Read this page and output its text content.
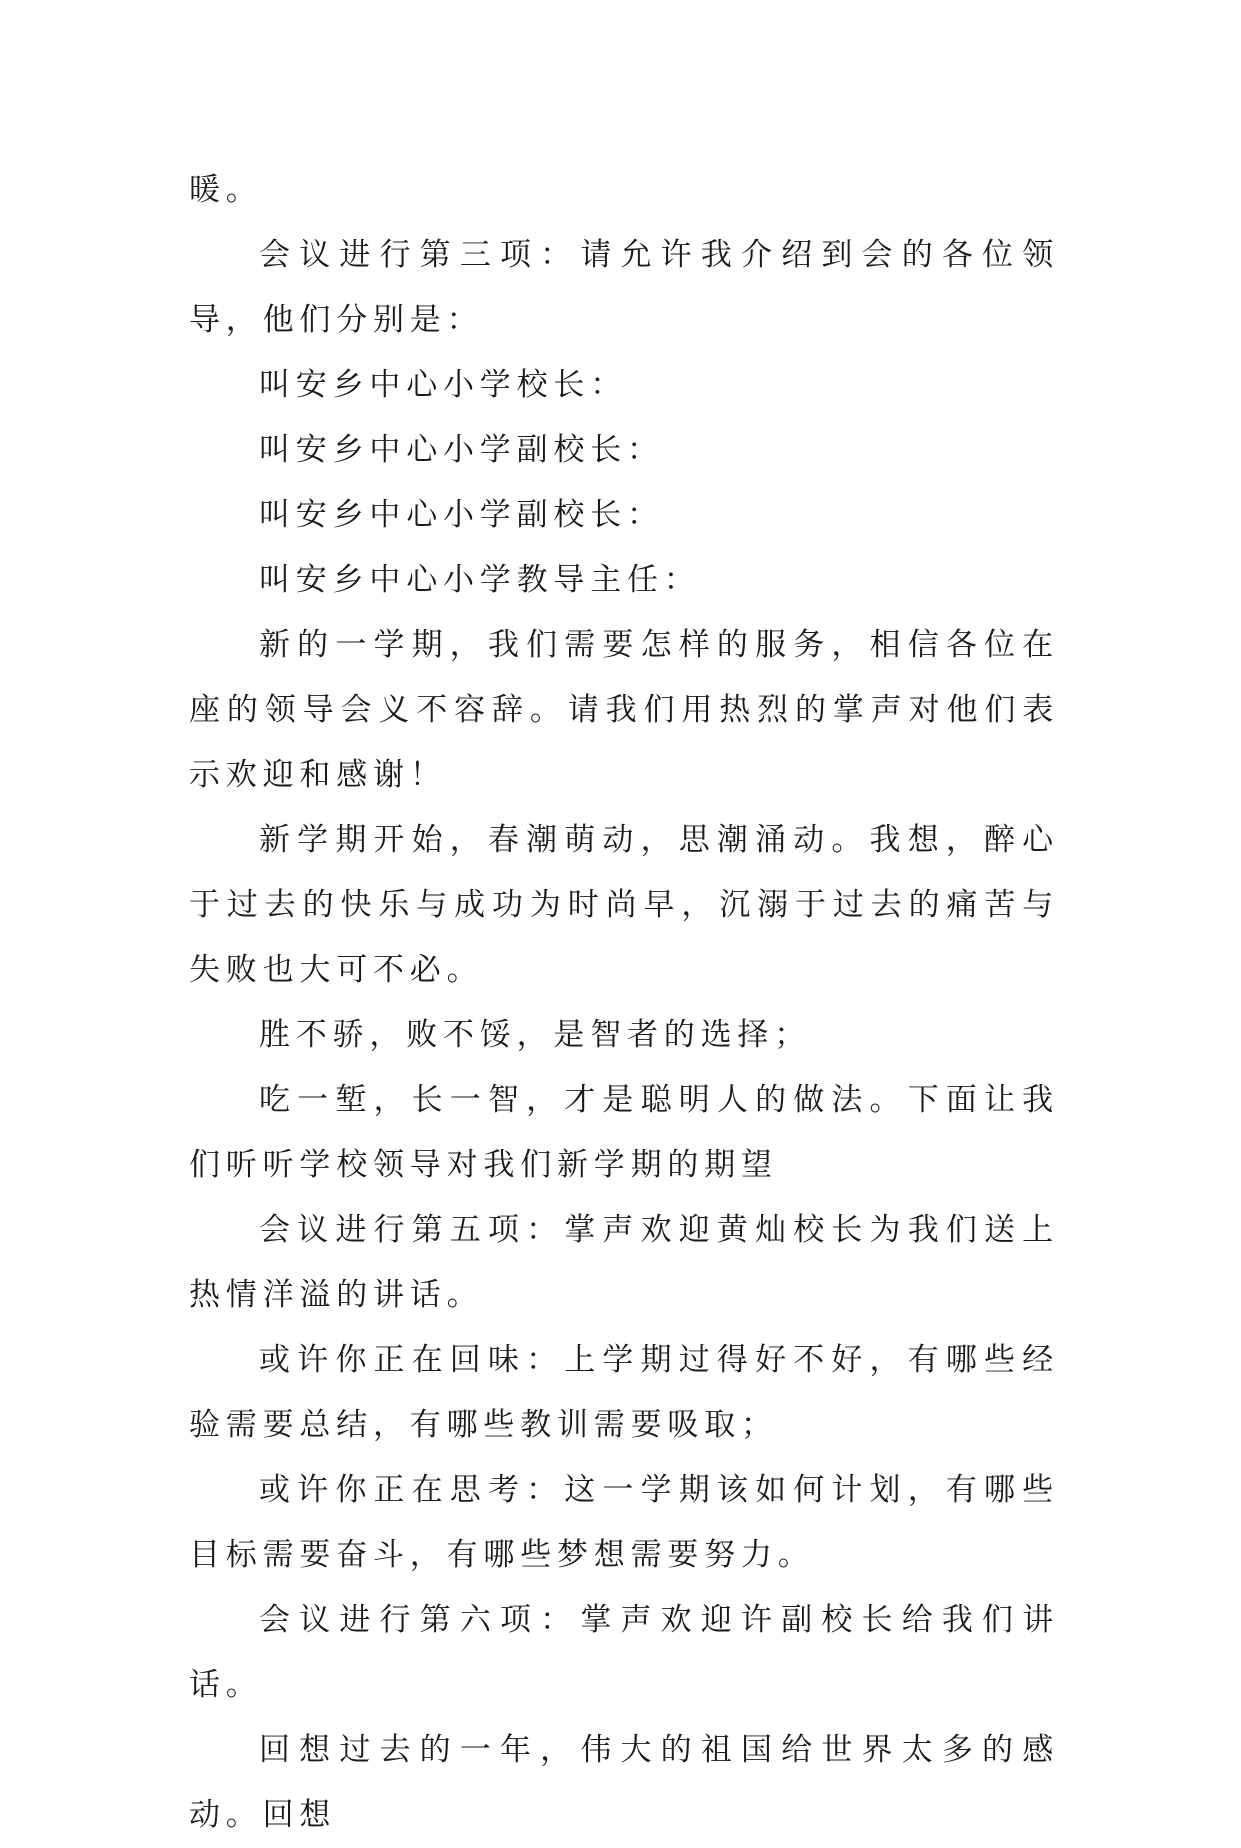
暖。

会议进行第三项：请允许我介绍到会的各位领导，他们分别是：

叫安乡中心小学校长：

叫安乡中心小学副校长：

叫安乡中心小学副校长：

叫安乡中心小学教导主任：

新的一学期，我们需要怎样的服务，相信各位在座的领导会义不容辞。请我们用热烈的掌声对他们表示欢迎和感谢！

新学期开始，春潮萌动，思潮涌动。我想，醉心于过去的快乐与成功为时尚早，沉溺于过去的痛苦与失败也大可不必。

胜不骄，败不馁，是智者的选择；

吃一堑，长一智，才是聪明人的做法。下面让我们听听学校领导对我们新学期的期望

会议进行第五项：掌声欢迎黄灿校长为我们送上热情洋溢的讲话。

或许你正在回味：上学期过得好不好，有哪些经验需要总结，有哪些教训需要吸取；

或许你正在思考：这一学期该如何计划，有哪些目标需要奋斗，有哪些梦想需要努力。

会议进行第六项：掌声欢迎许副校长给我们讲话。

回想过去的一年，伟大的祖国给世界太多的感动。回想
